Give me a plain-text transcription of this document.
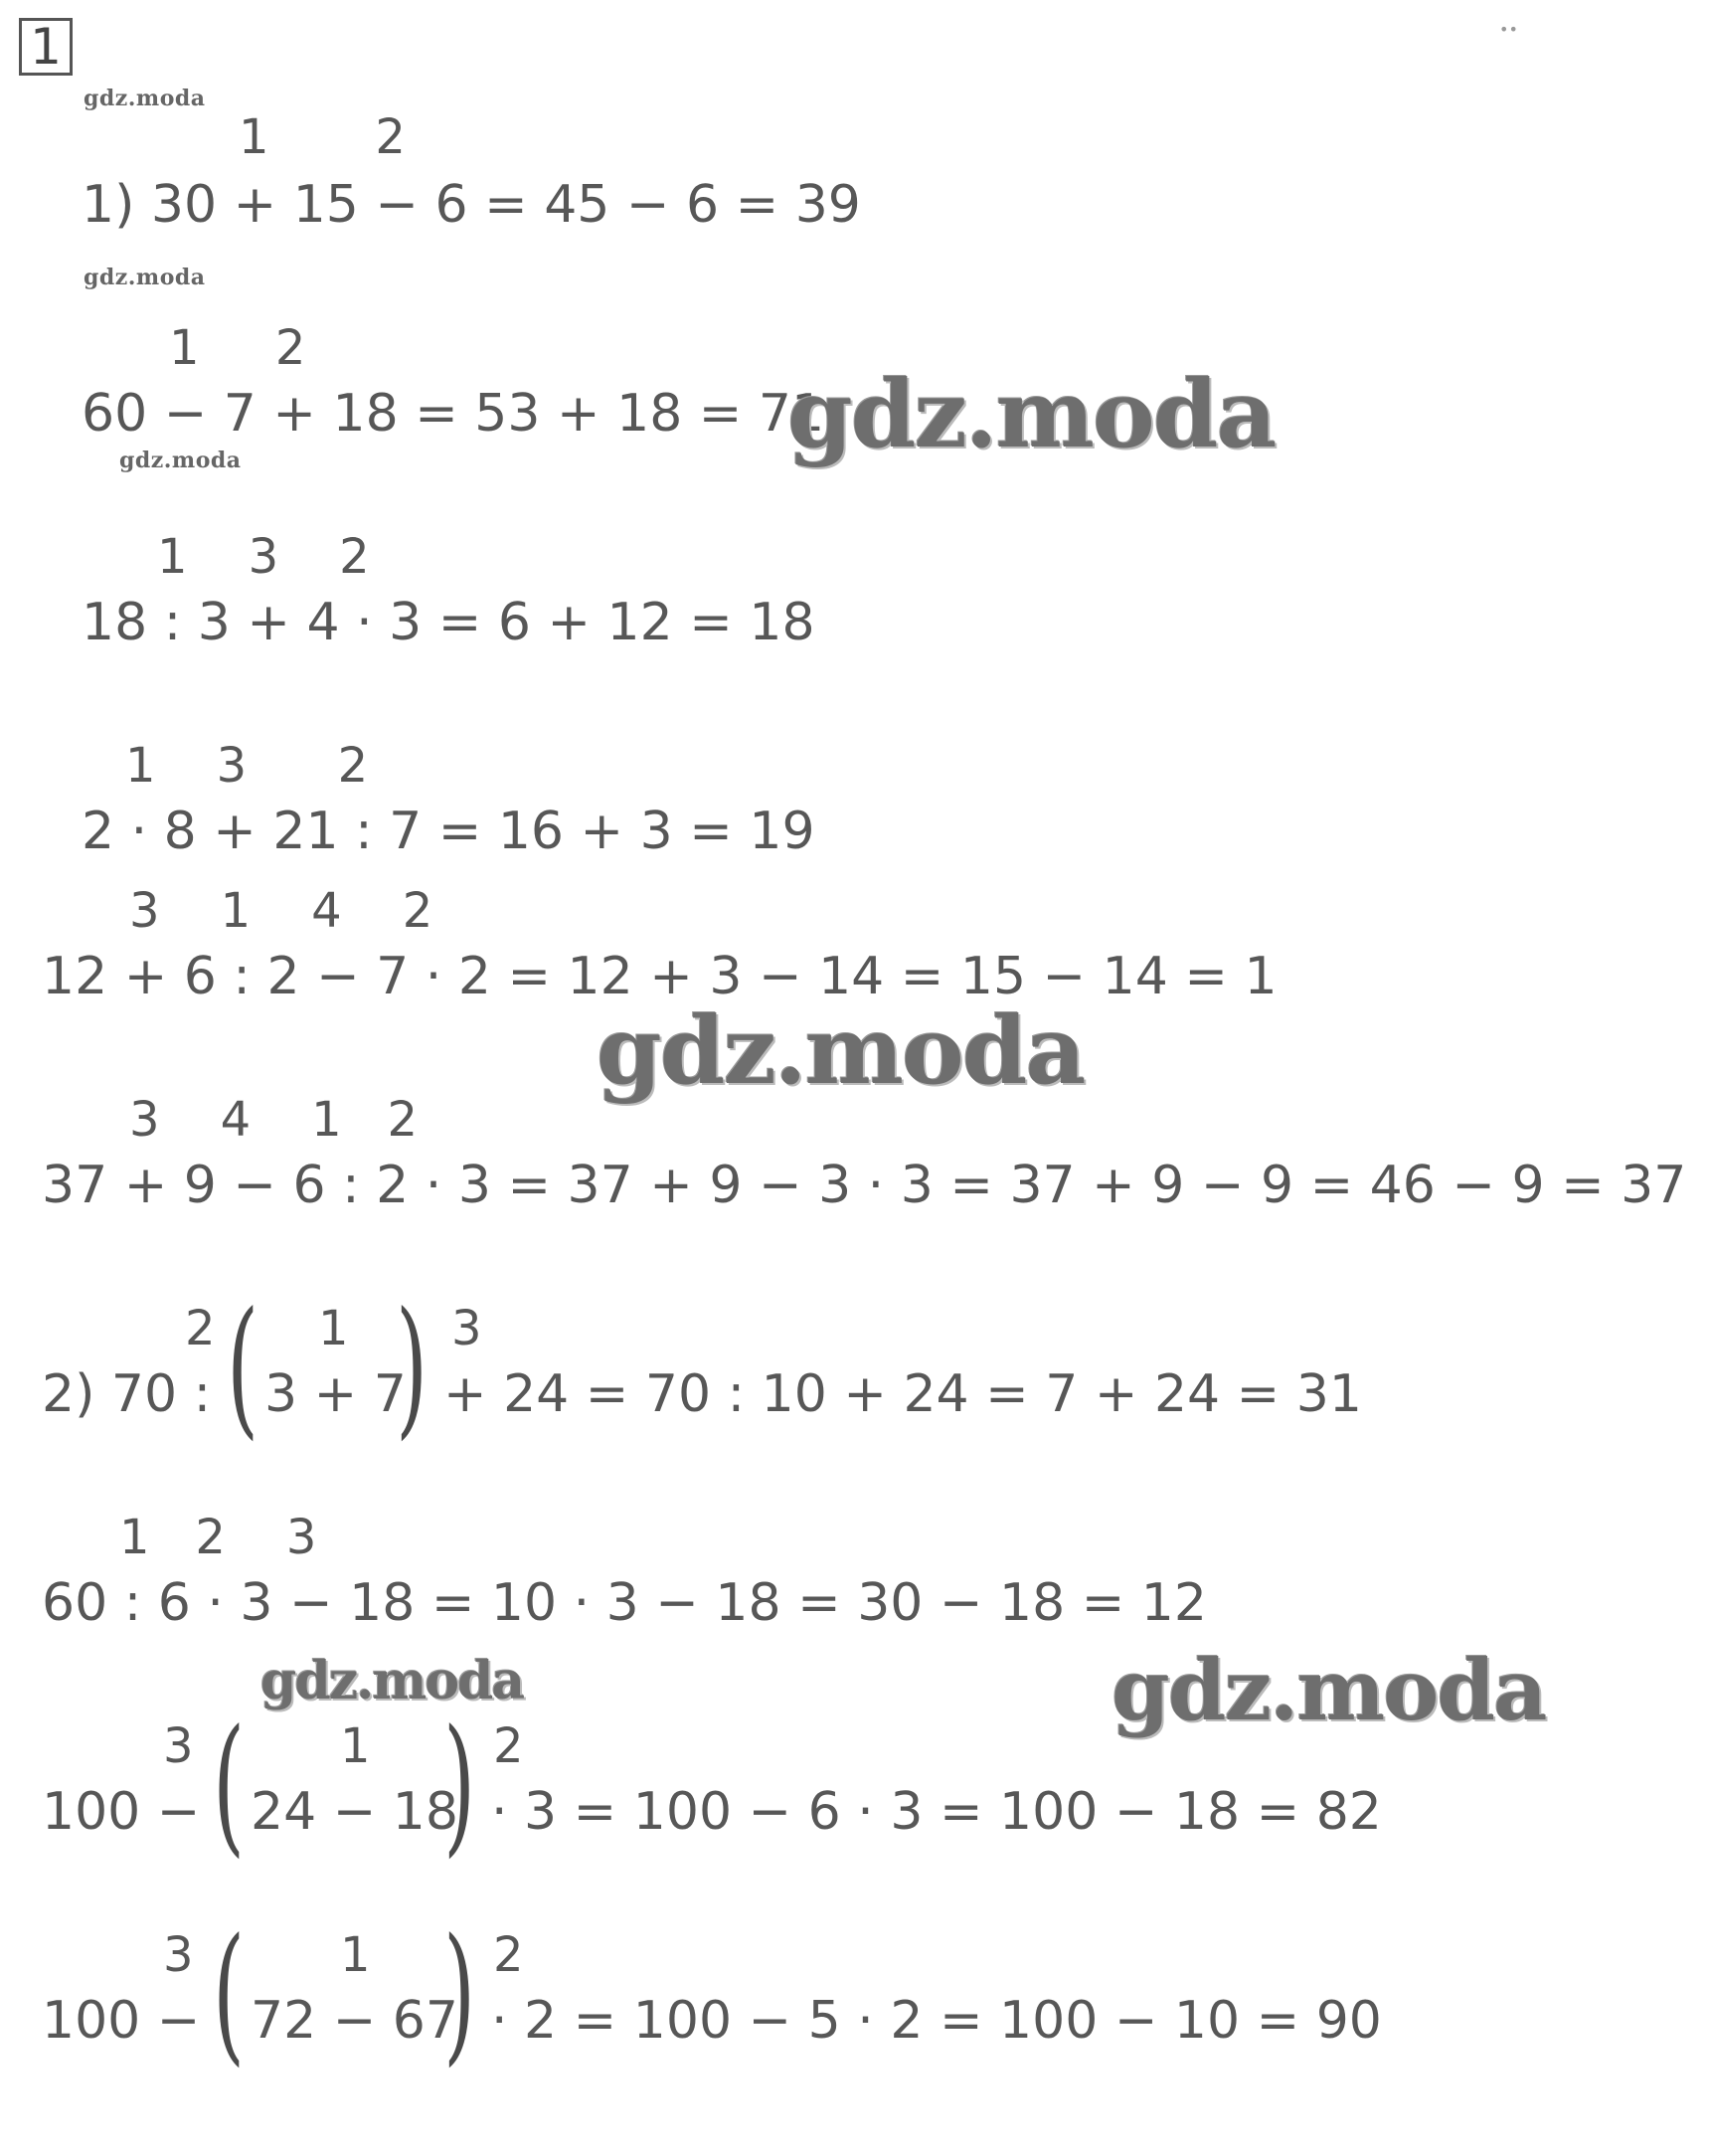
1	••
gdz.moda
gdz.moda
gdz.moda
1       2
1) 30 + 15 − 6 = 45 − 6 = 39
1     2
60 − 7 + 18 = 53 + 18 = 71
1    3    2
18 : 3 + 4 · 3 = 6 + 12 = 18
1    3      2
2 · 8 + 21 : 7 = 16 + 3 = 19
3    1    4    2
12 + 6 : 2 − 7 · 2 = 12 + 3 − 14 = 15 − 14 = 1
gdz.moda
3    4    1   2
37 + 9 − 6 : 2 · 3 = 37 + 9 − 3 · 3 = 37 + 9 − 9 = 46 − 9 = 37
2 1 3
2) 70 : ( 3 + 7
) + 24 = 70 : 10 + 24 = 7 + 24 = 31
1   2    3
60 : 6 · 3 − 18 = 10 · 3 − 18 = 30 − 18 = 12
gdz.moda	gdz.moda
3	1	2
100 − ( 24 − 18
) · 3 = 100 − 6 · 3 = 100 − 18 = 82
3	1	2
100 − ( 72 − 67
) · 2 = 100 − 5 · 2 = 100 − 10 = 90
gdz.moda
